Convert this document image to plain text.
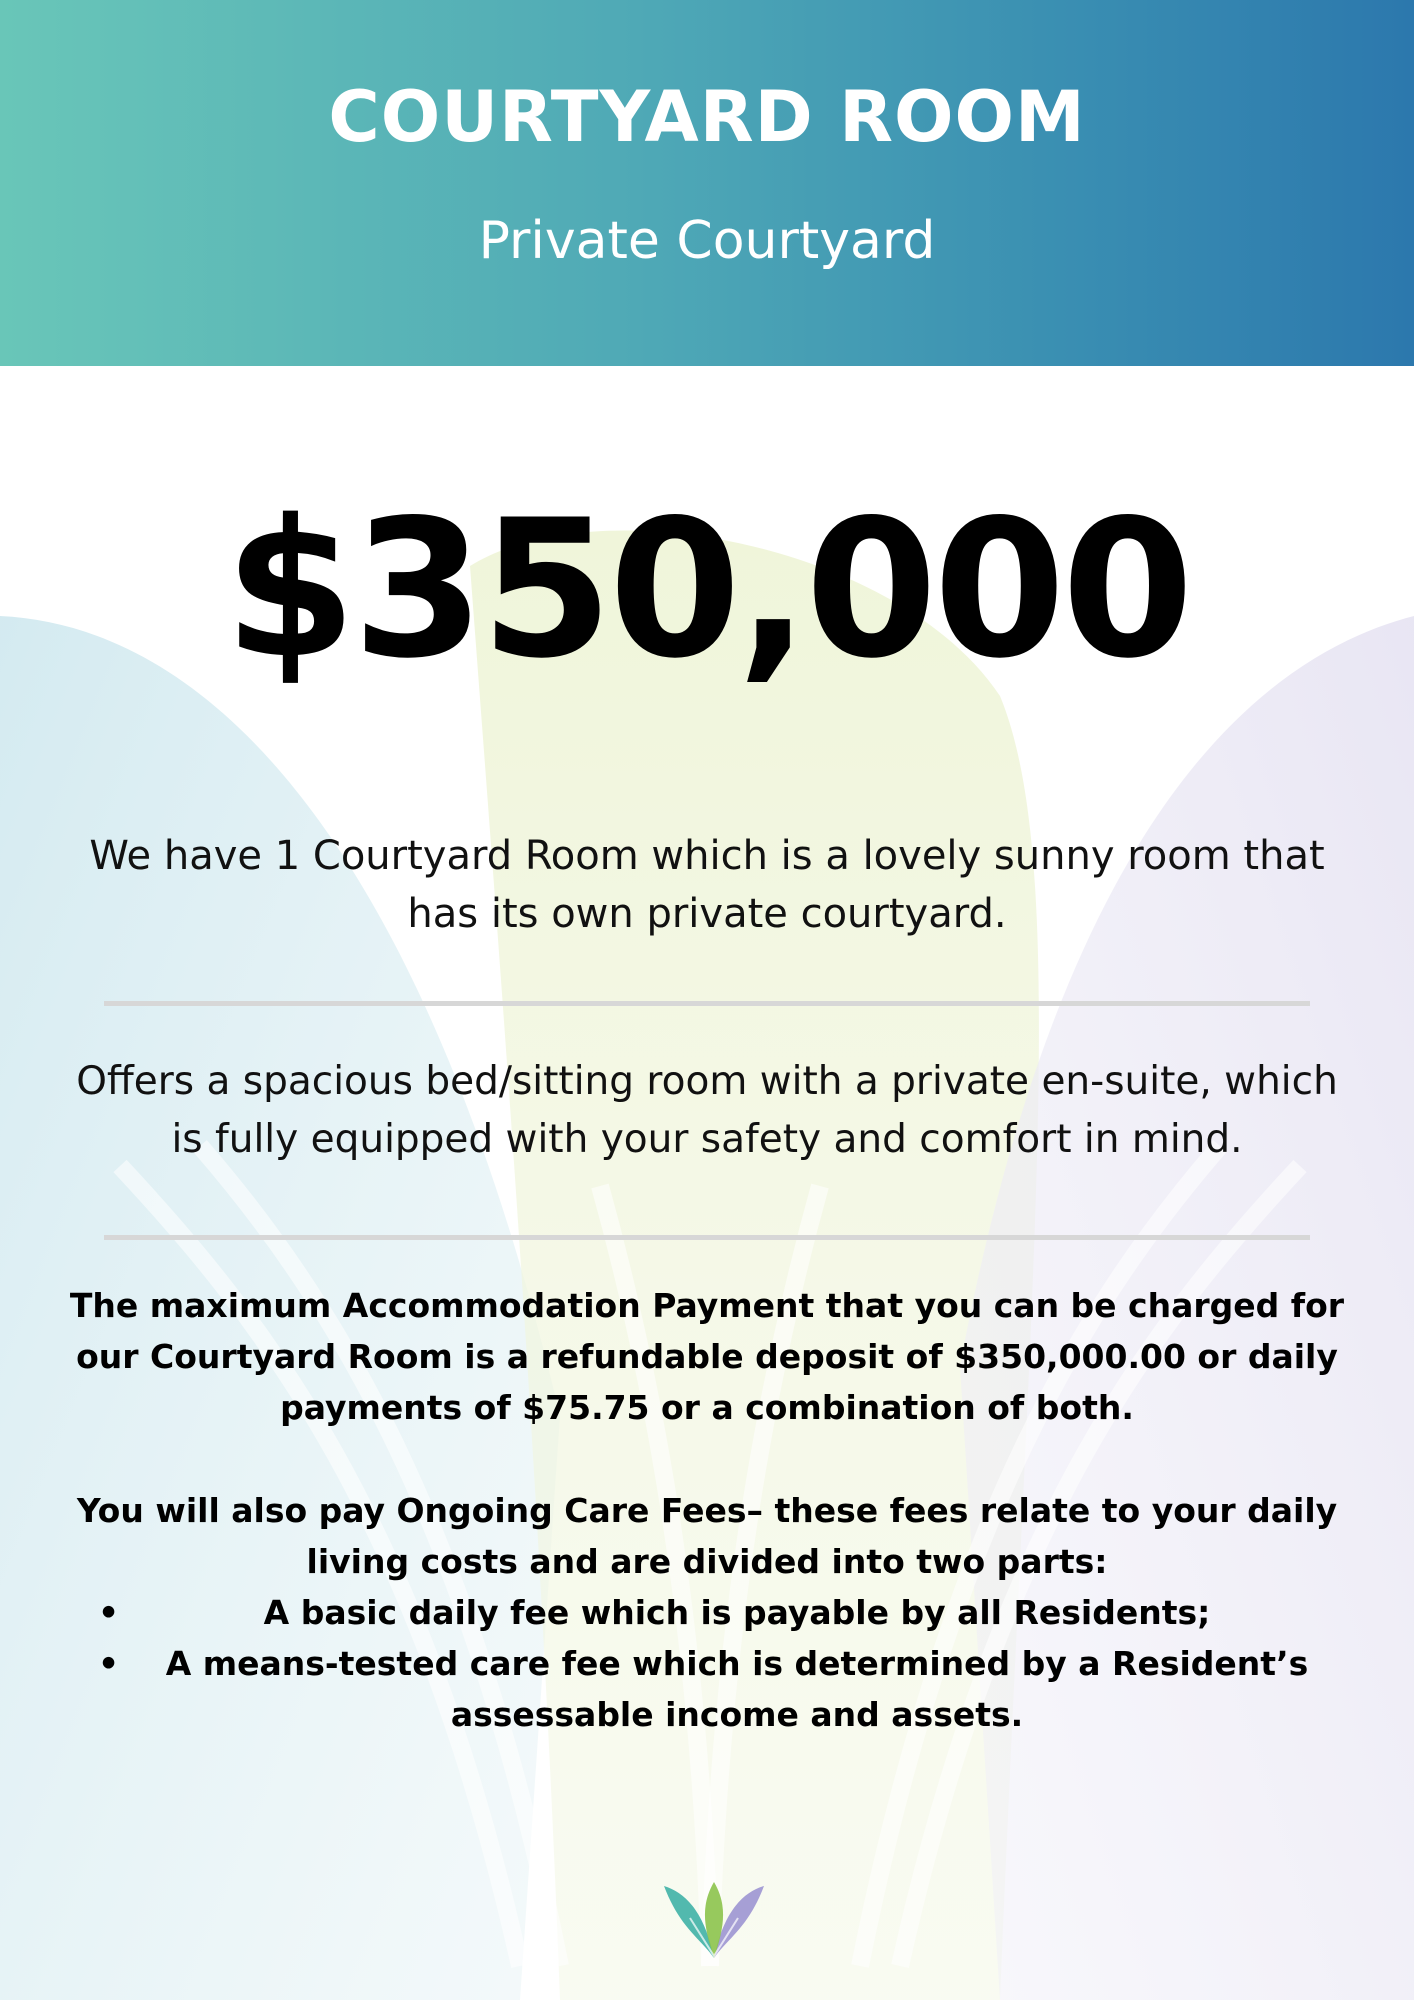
COURTYARD ROOM
Private Courtyard
$350,000
We have 1 Courtyard Room which is a lovely sunny room that has its own private courtyard.
Offers a spacious bed/sitting room with a private en-suite, which is fully equipped with your safety and comfort in mind.
The maximum Accommodation Payment that you can be charged for our Courtyard Room is a refundable deposit of $350,000.00 or daily payments of $75.75 or a combination of both.
You will also pay Ongoing Care Fees– these fees relate to your daily living costs and are divided into two parts:
•	A basic daily fee which is payable by all Residents;
•	A means-tested care fee which is determined by a Resident’s assessable income and assets.
